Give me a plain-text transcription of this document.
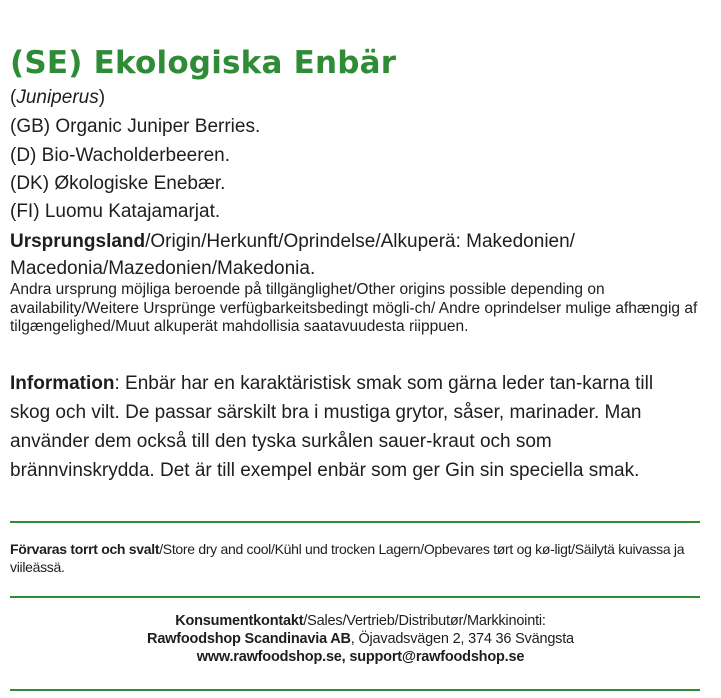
(SE) Ekologiska Enbär
(Juniperus)
(GB) Organic Juniper Berries.
(D) Bio-Wacholderbeeren.
(DK) Økologiske Enebær.
(FI) Luomu Katajamarjat.
Ursprungsland/Origin/Herkunft/Oprindelse/Alkuperä: Makedonien/ Macedonia/Mazedonien/Makedonia.
Andra ursprung möjliga beroende på tillgänglighet/Other origins possible depending on availability/Weitere Ursprünge verfügbarkeitsbedingt mögli-ch/ Andre oprindelser mulige afhængig af tilgængelighed/Muut alkuperät mahdollisia saatavuudesta riippuen.
Information: Enbär har en karaktäristisk smak som gärna leder tan-karna till skog och vilt. De passar särskilt bra i mustiga grytor, såser, marinader. Man använder dem också till den tyska surkålen sauer-kraut och som brännvinskrydda. Det är till exempel enbär som ger Gin sin speciella smak.
Förvaras torrt och svalt/Store dry and cool/Kühl und trocken Lagern/Opbevares tørt og kø-ligt/Säilytä kuivassa ja viileässä.
Konsumentkontakt/Sales/Vertrieb/Distributør/Markkinointi:
Rawfoodshop Scandinavia AB, Öjavadsvägen 2, 374 36 Svängsta
www.rawfoodshop.se, support@rawfoodshop.se
